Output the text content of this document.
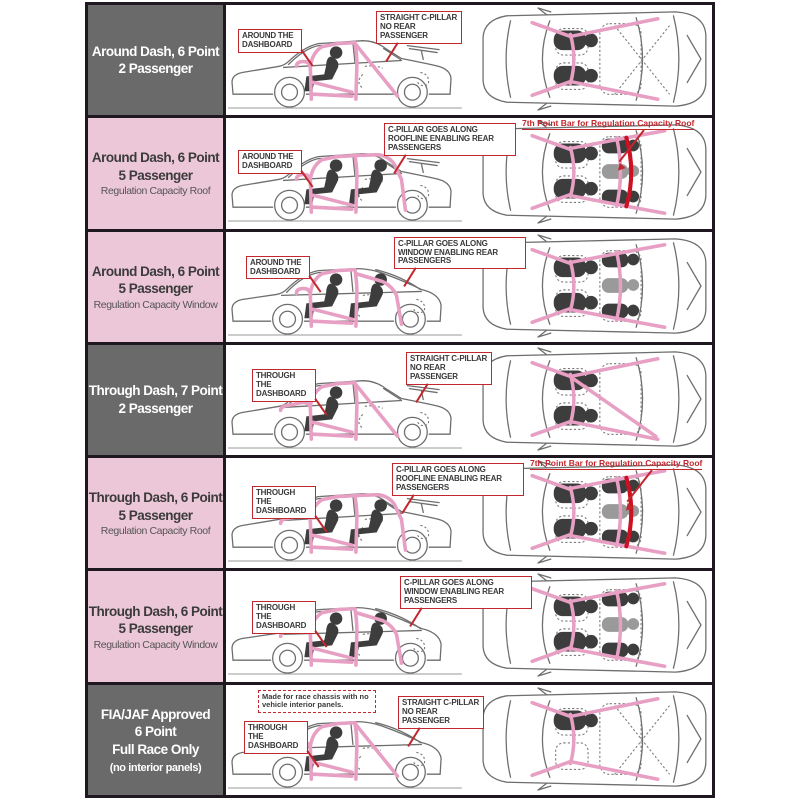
Around Dash, 6 Point
2 Passenger
AROUND THE DASHBOARD
STRAIGHT C-PILLAR NO REAR PASSENGER
Around Dash, 6 Point
5 Passenger
Regulation Capacity Roof
AROUND THE DASHBOARD
C-PILLAR GOES ALONG ROOFLINE ENABLING REAR PASSENGERS
7th Point Bar for Regulation Capacity Roof
Around Dash, 6 Point
5 Passenger
Regulation Capacity Window
AROUND THE DASHBOARD
C-PILLAR GOES ALONG WINDOW ENABLING REAR PASSENGERS
Through Dash, 7 Point
2 Passenger
THROUGH THE DASHBOARD
STRAIGHT C-PILLAR NO REAR PASSENGER
Through Dash, 6 Point
5 Passenger
Regulation Capacity Roof
THROUGH THE DASHBOARD
C-PILLAR GOES ALONG ROOFLINE ENABLING REAR PASSENGERS
7th Point Bar for Regulation Capacity Roof
Through Dash, 6 Point
5 Passenger
Regulation Capacity Window
THROUGH THE DASHBOARD
C-PILLAR GOES ALONG WINDOW ENABLING REAR PASSENGERS
FIA/JAF Approved
6 Point
Full Race Only
(no interior panels)
Made for race chassis with no vehicle interior panels.
THROUGH THE DASHBOARD
STRAIGHT C-PILLAR NO REAR PASSENGER
